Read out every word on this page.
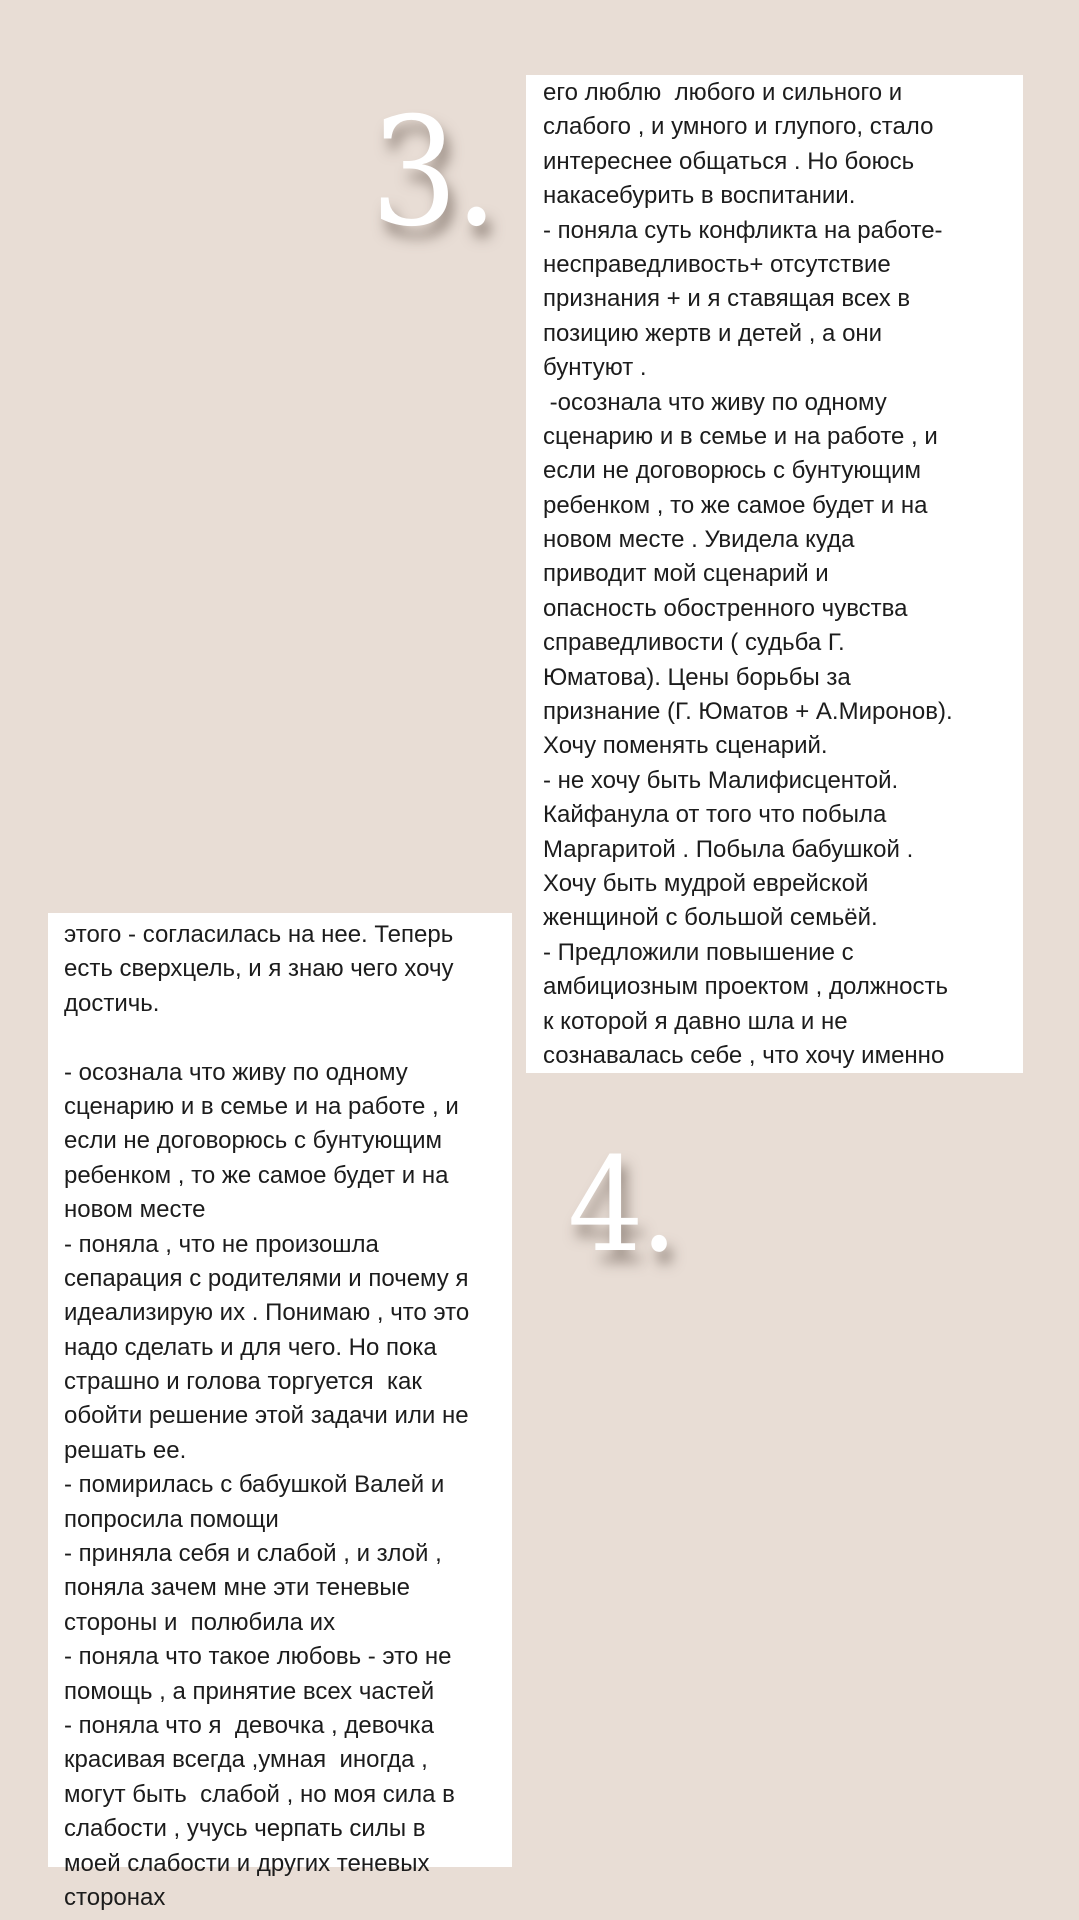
3. его люблю  любого и сильного и
слабого , и умного и глупого, стало
интереснее общаться . Но боюсь
накасебурить в воспитании.
- поняла суть конфликта на работе-
несправедливость+ отсутствие
признания + и я ставящая всех в
позицию жертв и детей , а они
бунтуют .
-осознала что живу по одному
сценарию и в семье и на работе , и
если не договорюсь с бунтующим
ребенком , то же самое будет и на
новом месте . Увидела куда
приводит мой сценарий и
опасность обостренного чувства
справедливости ( судьба Г.
Юматова). Цены борьбы за
признание (Г. Юматов + А.Миронов).
Хочу поменять сценарий.
- не хочу быть Малифисцентой.
Кайфанула от того что побыла
Маргаритой . Побыла бабушкой .
Хочу быть мудрой еврейской
женщиной с большой семьёй.
- Предложили повышение с
амбициозным проектом , должность
к которой я давно шла и не
сознавалась себе , что хочу именно
этого - согласилась на нее. Теперь
есть сверхцель, и я знаю чего хочу
достичь.
- осознала что живу по одному
сценарию и в семье и на работе , и
если не договорюсь с бунтующим
ребенком , то же самое будет и на
новом месте
- поняла , что не произошла
сепарация с родителями и почему я
идеализирую их . Понимаю , что это
надо сделать и для чего. Но пока
страшно и голова торгуется  как
обойти решение этой задачи или не
решать ее.
- помирилась с бабушкой Валей и
попросила помощи
- приняла себя и слабой , и злой ,
поняла зачем мне эти теневые
стороны и  полюбила их
- поняла что такое любовь - это не
помощь , а принятие всех частей
- поняла что я  девочка , девочка
красивая всегда ,умная  иногда ,
могут быть  слабой , но моя сила в
слабости , учусь черпать силы в
моей слабости и других теневых
сторонах
4.
